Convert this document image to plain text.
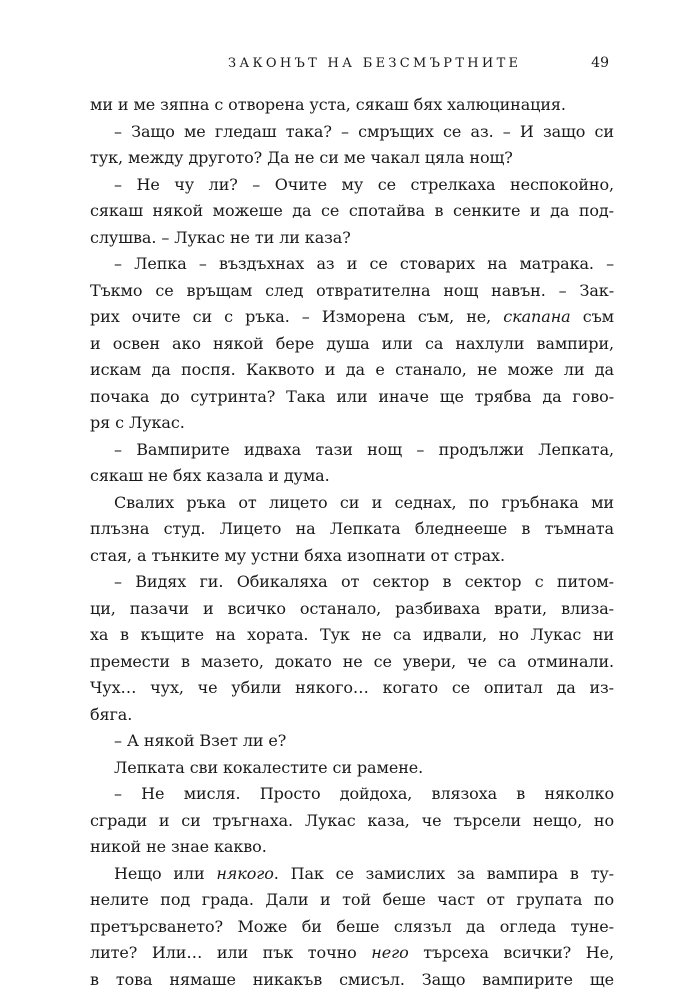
ЗАКОНЪТ НА БЕЗСМЪРТНИТЕ	49
ми и ме зяпна с отворена уста, сякаш бях халюцинация.
– Защо ме гледаш така? – смръщих се аз. – И защо си
тук, между другото? Да не си ме чакал цяла нощ?
– Не чу ли? – Очите му се стрелкаха неспокойно,
сякаш някой можеше да се спотайва в сенките и да под-
слушва. – Лукас не ти ли каза?
– Лепка – въздъхнах аз и се стоварих на матрака. –
Тъкмо се връщам след отвратителна нощ навън. – Зак-
рих очите си с ръка. – Изморена съм, не, скапана съм
и освен ако някой бере душа или са нахлули вампири,
искам да поспя. Каквото и да е станало, не може ли да
почака до сутринта? Така или иначе ще трябва да гово-
ря с Лукас.
– Вампирите идваха тази нощ – продължи Лепката,
сякаш не бях казала и дума.
Свалих ръка от лицето си и седнах, по гръбнака ми
плъзна студ. Лицето на Лепката бледнееше в тъмната
стая, а тънките му устни бяха изопнати от страх.
– Видях ги. Обикаляха от сектор в сектор с питом-
ци, пазачи и всичко останало, разбиваха врати, влиза-
ха в къщите на хората. Тук не са идвали, но Лукас ни
премести в мазето, докато не се увери, че са отминали.
Чух… чух, че убили някого… когато се опитал да из-
бяга.
– А някой Взет ли е?
Лепката сви кокалестите си рамене.
– Не мисля. Просто дойдоха, влязоха в няколко
сгради и си тръгнаха. Лукас каза, че търсели нещо, но
никой не знае какво.
Нещо или някого. Пак се замислих за вампира в ту-
нелите под града. Дали и той беше част от групата по
претърсването? Може би беше слязъл да огледа туне-
лите? Или… или пък точно него търсеха всички? Не,
в това нямаше никакъв смисъл. Защо вампирите ще
